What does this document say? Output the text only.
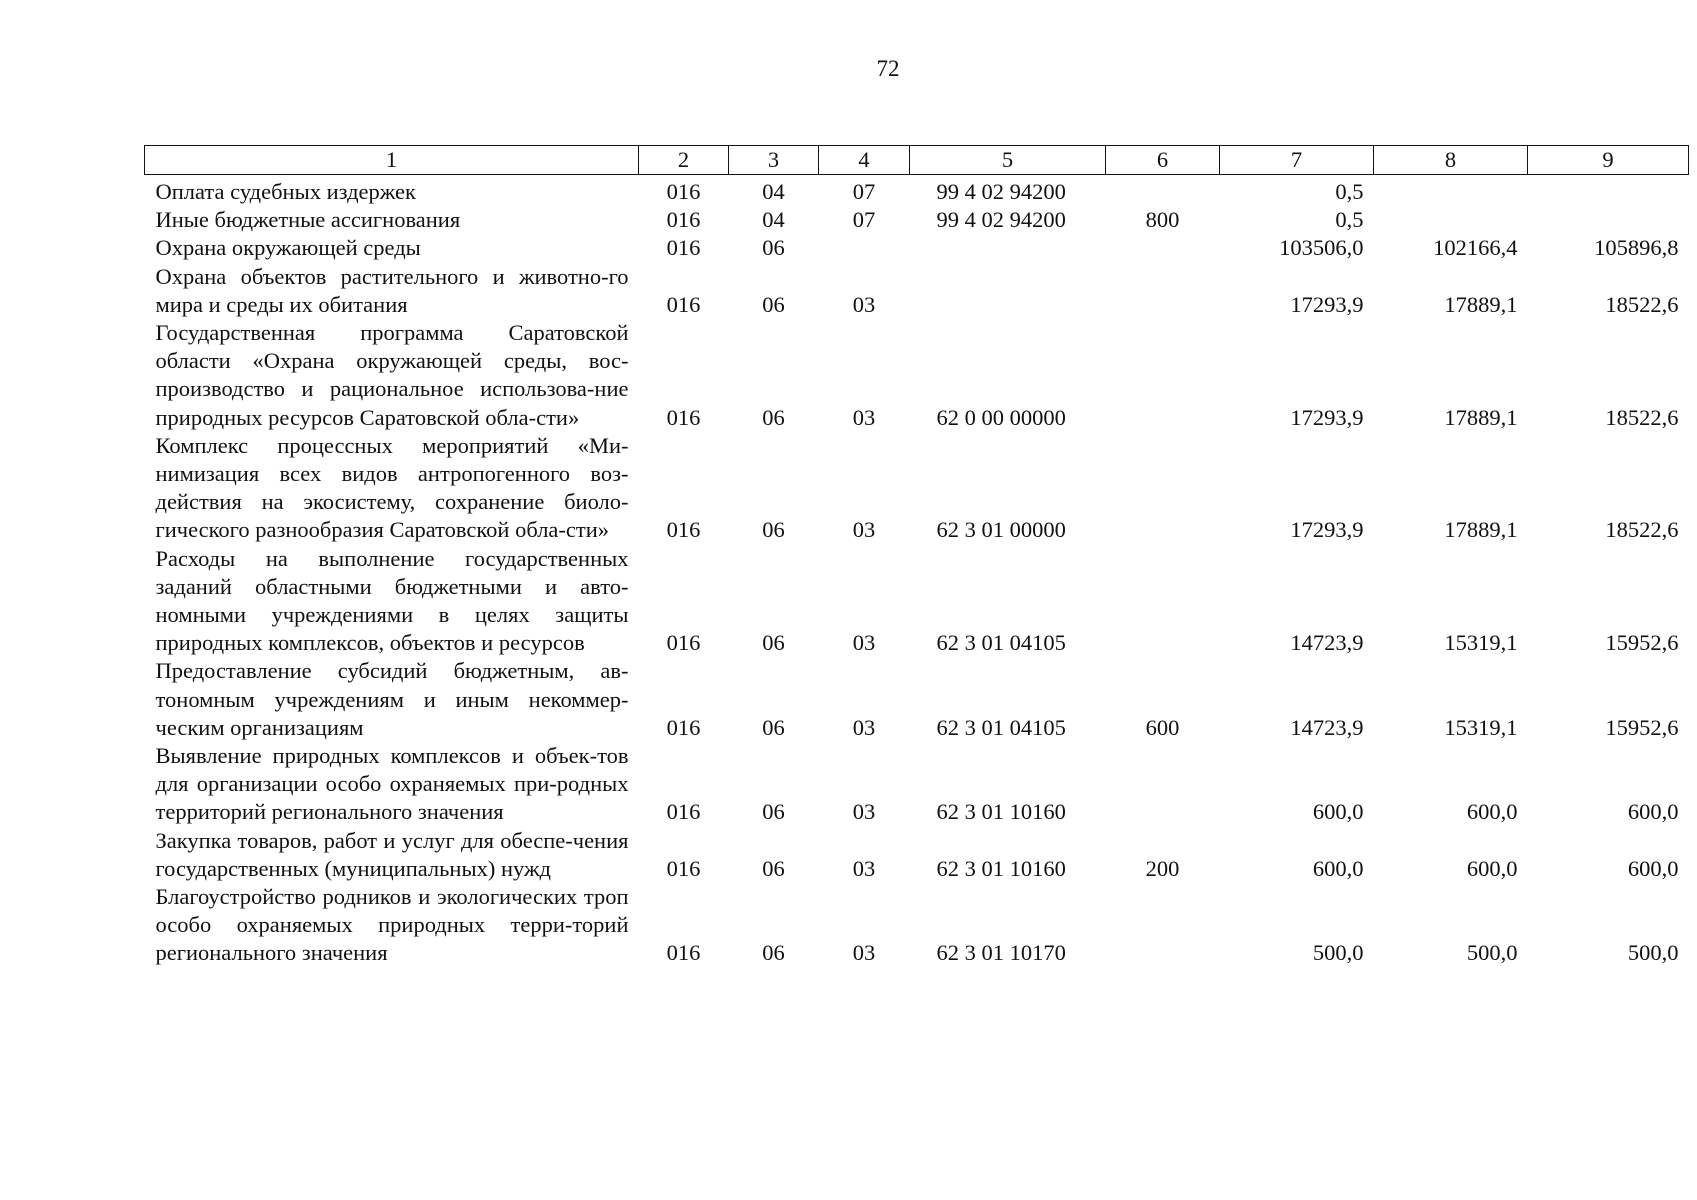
72
1	2	3	4	5	6	7	8	9
Оплата судебных издержек	016	04	07	99 4 02 94200		0,5		
Иные бюджетные ассигнования	016	04	07	99 4 02 94200	800	0,5		
Охрана окружающей среды	016	06				103506,0	102166,4	105896,8
Охрана объектов растительного и животно-го мира и среды их обитания	016	06	03			17293,9	17889,1	18522,6
Государственная программа Саратовской области «Охрана окружающей среды, вос-производство и рациональное использова-ние природных ресурсов Саратовской обла-сти»	016	06	03	62 0 00 00000		17293,9	17889,1	18522,6
Комплекс процессных мероприятий «Ми-нимизация всех видов антропогенного воз-действия на экосистему, сохранение биоло-гического разнообразия Саратовской обла-сти»	016	06	03	62 3 01 00000		17293,9	17889,1	18522,6
Расходы на выполнение государственных заданий областными бюджетными и авто-номными учреждениями в целях защиты природных комплексов, объектов и ресурсов	016	06	03	62 3 01 04105		14723,9	15319,1	15952,6
Предоставление субсидий бюджетным, ав-тономным учреждениям и иным некоммер-ческим организациям	016	06	03	62 3 01 04105	600	14723,9	15319,1	15952,6
Выявление природных комплексов и объек-тов для организации особо охраняемых при-родных территорий регионального значения	016	06	03	62 3 01 10160		600,0	600,0	600,0
Закупка товаров, работ и услуг для обеспе-чения государственных (муниципальных) нужд	016	06	03	62 3 01 10160	200	600,0	600,0	600,0
Благоустройство родников и экологических троп особо охраняемых природных терри-торий регионального значения	016	06	03	62 3 01 10170		500,0	500,0	500,0
